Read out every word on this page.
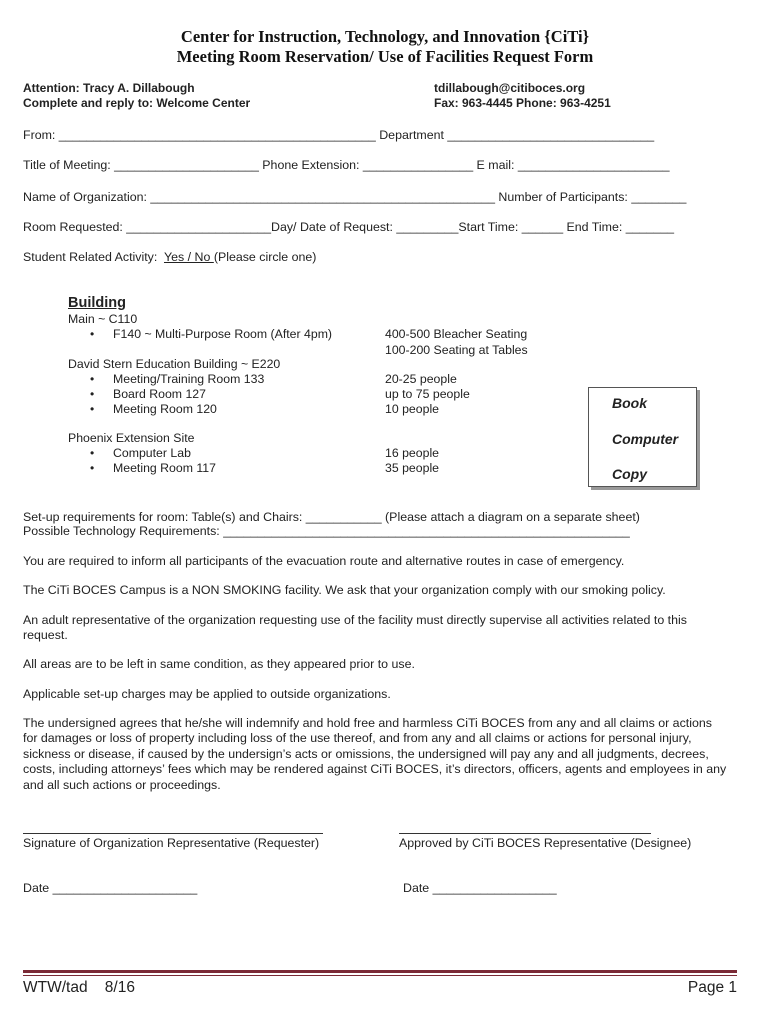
Center for Instruction, Technology, and Innovation {CiTi}
Meeting Room Reservation/ Use of Facilities Request Form
Attention: Tracy A. Dillabough
Complete and reply to: Welcome Center
tdillabough@citiboces.org
Fax: 963-4445 Phone: 963-4251
From: ______________________________________________ Department ______________________________
Title of Meeting: _____________________ Phone Extension: ________________ E mail: ______________________
Name of Organization: __________________________________________________ Number of Participants: ________
Room Requested: _____________________Day/ Date of Request: _________Start Time: ______ End Time: _______
Student Related Activity: Yes / No (Please circle one)
Building
Main ~ C110
• F140 ~ Multi-Purpose Room (After 4pm)	400-500 Bleacher Seating
100-200 Seating at Tables
David Stern Education Building ~ E220
• Meeting/Training Room 133	20-25 people
• Board Room 127	up to 75 people
• Meeting Room 120	10 people
Phoenix Extension Site
• Computer Lab	16 people
• Meeting Room 117	35 people
Book
Computer
Copy
Set-up requirements for room: Table(s) and Chairs: ___________ (Please attach a diagram on a separate sheet)
Possible Technology Requirements: ___________________________________________________________
You are required to inform all participants of the evacuation route and alternative routes in case of emergency.
The CiTi BOCES Campus is a NON SMOKING facility. We ask that your organization comply with our smoking policy.
An adult representative of the organization requesting use of the facility must directly supervise all activities related to this request.
All areas are to be left in same condition, as they appeared prior to use.
Applicable set-up charges may be applied to outside organizations.
The undersigned agrees that he/she will indemnify and hold free and harmless CiTi BOCES from any and all claims or actions for damages or loss of property including loss of the use thereof, and from any and all claims or actions for personal injury, sickness or disease, if caused by the undersign’s acts or omissions, the undersigned will pay any and all judgments, decrees, costs, including attorneys’ fees which may be rendered against CiTi BOCES, it’s directors, officers, agents and employees in any and all such actions or proceedings.
Signature of Organization Representative (Requester)	Approved by CiTi BOCES Representative (Designee)
Date _____________________	Date __________________
WTW/tad    8/16	Page 1
